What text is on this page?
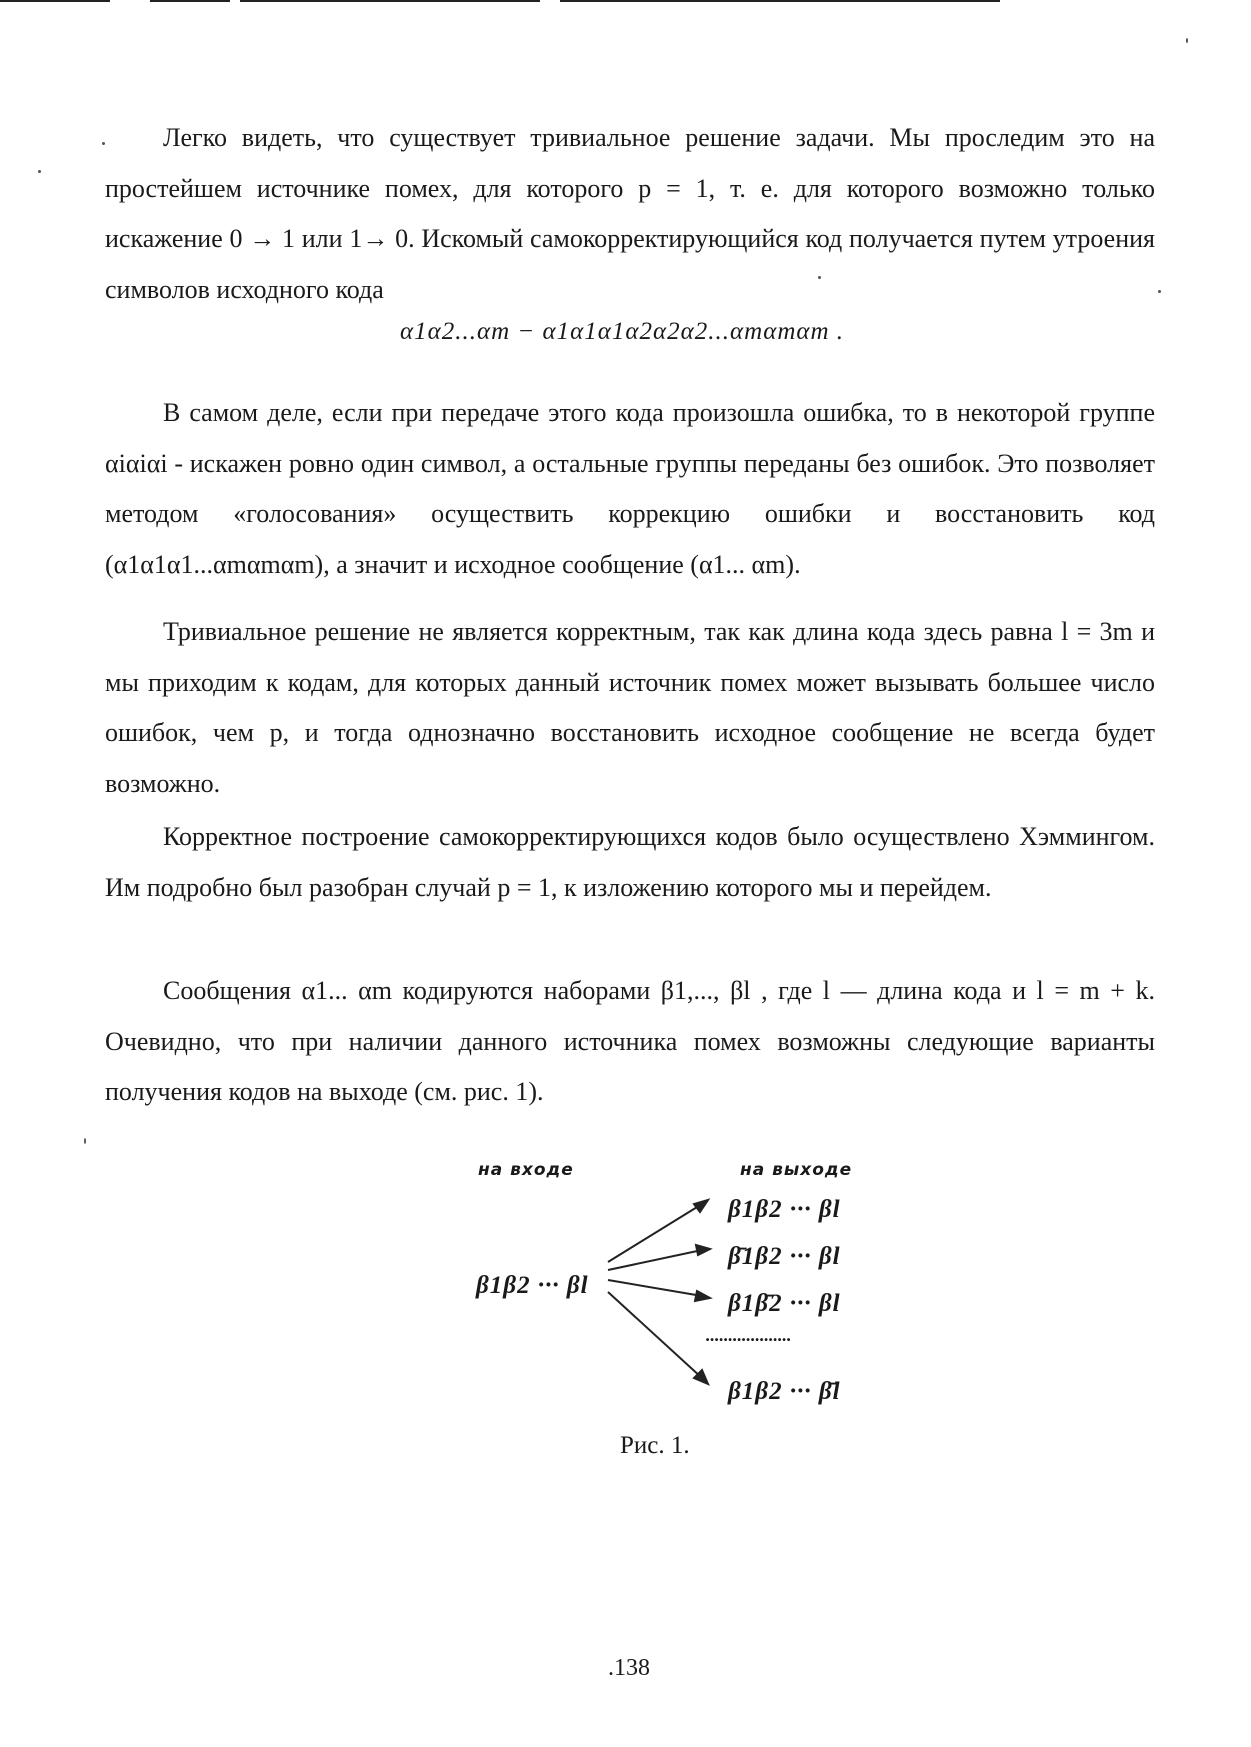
Легко видеть, что существует тривиальное решение задачи. Мы проследим это на простейшем источнике помех, для которого р = 1, т. е. для которого возможно только искажение 0 → 1 или 1→ 0. Искомый самокорректирующийся код получается путем утроения символов исходного кода

α1α2...αm − α1α1α1α2α2α2...αmαmαm .

В самом деле, если при передаче этого кода произошла ошибка, то в некоторой группе αiαiαi - искажен ровно один символ, а остальные группы переданы без ошибок. Это позволяет методом «голосования» осуществить коррекцию ошибки и восстановить код (α1α1α1...αmαmαm), а значит и исходное сообщение (α1... αm).

Тривиальное решение не является корректным, так как длина кода здесь равна l = 3m и мы приходим к кодам, для которых данный источник помех может вызывать большее число ошибок, чем р, и тогда однозначно восстановить исходное сообщение не всегда будет возможно.

Корректное построение самокорректирующихся кодов было осуществлено Хэммингом. Им подробно был разобран случай р = 1, к изложению которого мы и перейдем.

Сообщения α1... αm кодируются наборами β1,..., βl , где l — длина кода и l = m + k. Очевидно, что при наличии данного источника помех возможны следующие варианты получения кодов на выходе (см. рис. 1).

на входе	на выходе
β1β2 ··· βl
β1β2 ··· βl
β̄1β2 ··· βl
β1β̄2 ··· βl
...................
β1β2 ··· β̄l
Рис. 1.
.138
